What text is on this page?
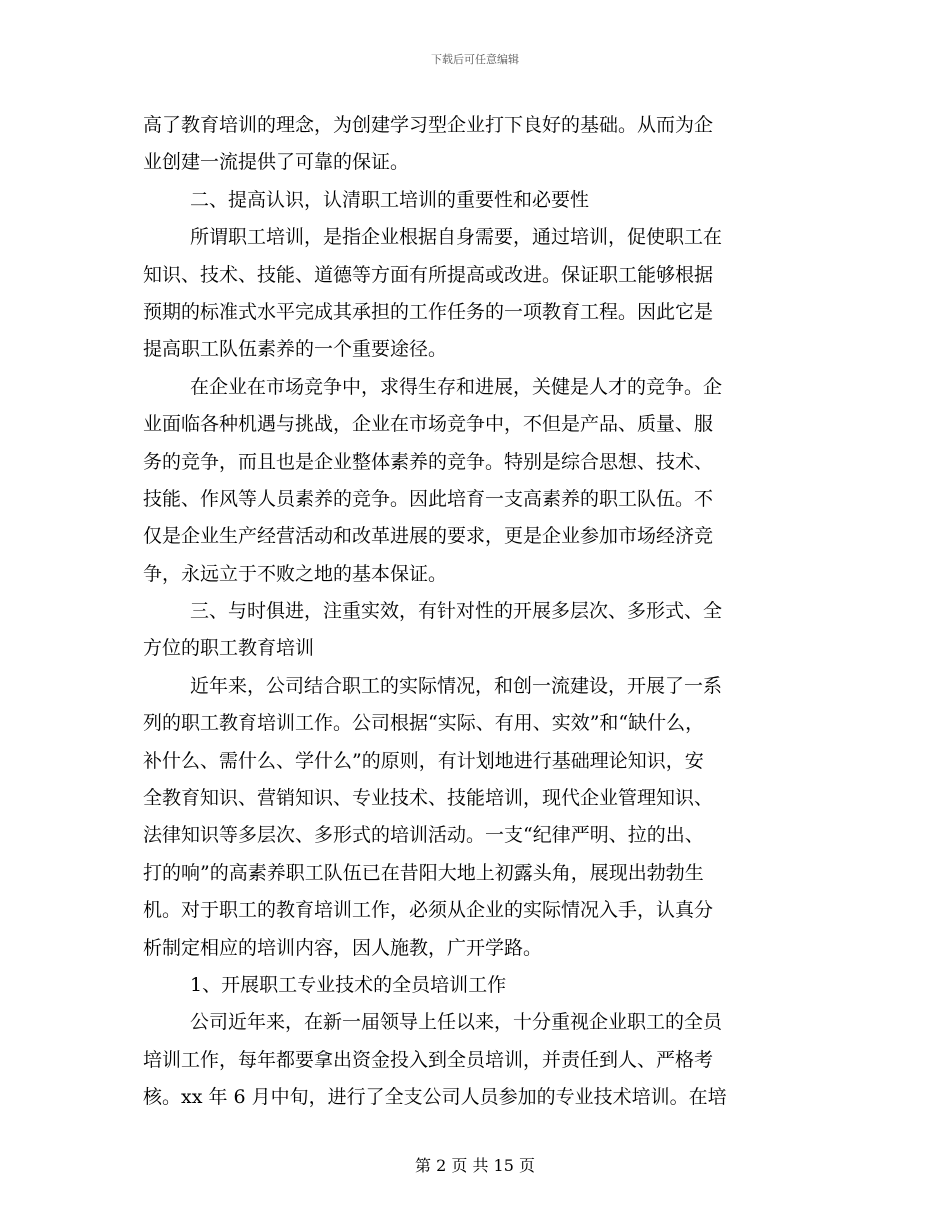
下载后可任意编辑
高了教育培训的理念，为创建学习型企业打下良好的基础。从而为企
业创建一流提供了可靠的保证。
二、提高认识，认清职工培训的重要性和必要性
所谓职工培训，是指企业根据自身需要，通过培训，促使职工在
知识、技术、技能、道德等方面有所提高或改进。保证职工能够根据
预期的标准式水平完成其承担的工作任务的一项教育工程。因此它是
提高职工队伍素养的一个重要途径。
在企业在市场竞争中，求得生存和进展，关健是人才的竞争。企
业面临各种机遇与挑战，企业在市场竞争中，不但是产品、质量、服
务的竞争，而且也是企业整体素养的竞争。特别是综合思想、技术、
技能、作风等人员素养的竞争。因此培育一支高素养的职工队伍。不
仅是企业生产经营活动和改革进展的要求，更是企业参加市场经济竞
争，永远立于不败之地的基本保证。
三、与时俱进，注重实效，有针对性的开展多层次、多形式、全
方位的职工教育培训
近年来，公司结合职工的实际情况，和创一流建设，开展了一系
列的职工教育培训工作。公司根据“实际、有用、实效”和“缺什么，
补什么、需什么、学什么”的原则，有计划地进行基础理论知识，安
全教育知识、营销知识、专业技术、技能培训，现代企业管理知识、
法律知识等多层次、多形式的培训活动。一支“纪律严明、拉的出、
打的响”的高素养职工队伍已在昔阳大地上初露头角，展现出勃勃生
机。对于职工的教育培训工作，必须从企业的实际情况入手，认真分
析制定相应的培训内容，因人施教，广开学路。
1、开展职工专业技术的全员培训工作
公司近年来，在新一届领导上任以来，十分重视企业职工的全员
培训工作，每年都要拿出资金投入到全员培训，并责任到人、严格考
核。xx 年 6 月中旬，进行了全支公司人员参加的专业技术培训。在培
第 2 页 共 15 页
